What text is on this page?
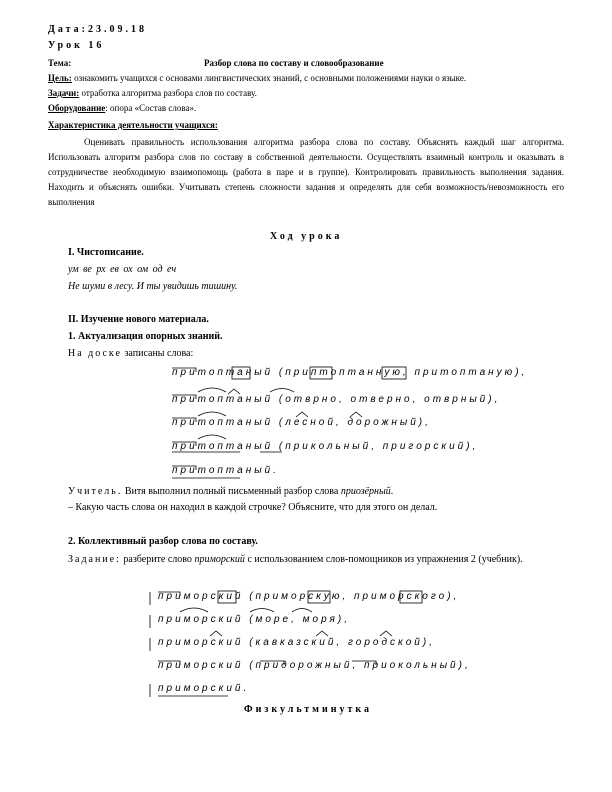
Дата:23.09.18
Урок 16
Тема:	Разбор слова по составу и словообразование
Цель: ознакомить учащихся с основами лингвистических знаний, с основными положениями науки о языке.
Задачи: отработка алгоритма разбора слов по составу.
Оборудование: опора «Состав слова».
Характеристика деятельности учащихся:
Оценивать правильность использования алгоритма разбора слова по составу. Объяснять каждый шаг алгоритма. Использовать алгоритм разбора слов по составу в собственной деятельности. Осуществлять взаимный контроль и оказывать в сотрудничестве необходимую взаимопомощь (работа в паре и в группе). Контролировать правильность выполнения задания. Находить и объяснять ошибки. Учитывать степень сложности задания и определять для себя возможность/невозможность его выполнения
Ход урока
I. Чистописание.
ум ве рх ев ох ом од еч
Не шуми в лесу. И ты увидишь тишину.
II. Изучение нового материала.
1. Актуализация опорных знаний.
На доске записаны слова:
притоптаный (приптоптанную, притоптаную),
притоптаный (отврно, отверно, отврный),
притоптаный (лесной, дорожный),
притоптаный (прикольный, пригорский),
притоптаный.
Учитель. Витя выполнил полный письменный разбор слова приозёрный.
– Какую часть слова он находил в каждой строчке? Объясните, что для этого он делал.
2. Коллективный разбор слова по составу.
Задание: разберите слово приморский с использованием слов-помощников из упражнения 2 (учебник).
приморский (приморскую, приморского),
приморский (море, моря),
приморский (кавказский, городской),
приморский (придорожный, приокольный),
приморский.
Физкультминутка
